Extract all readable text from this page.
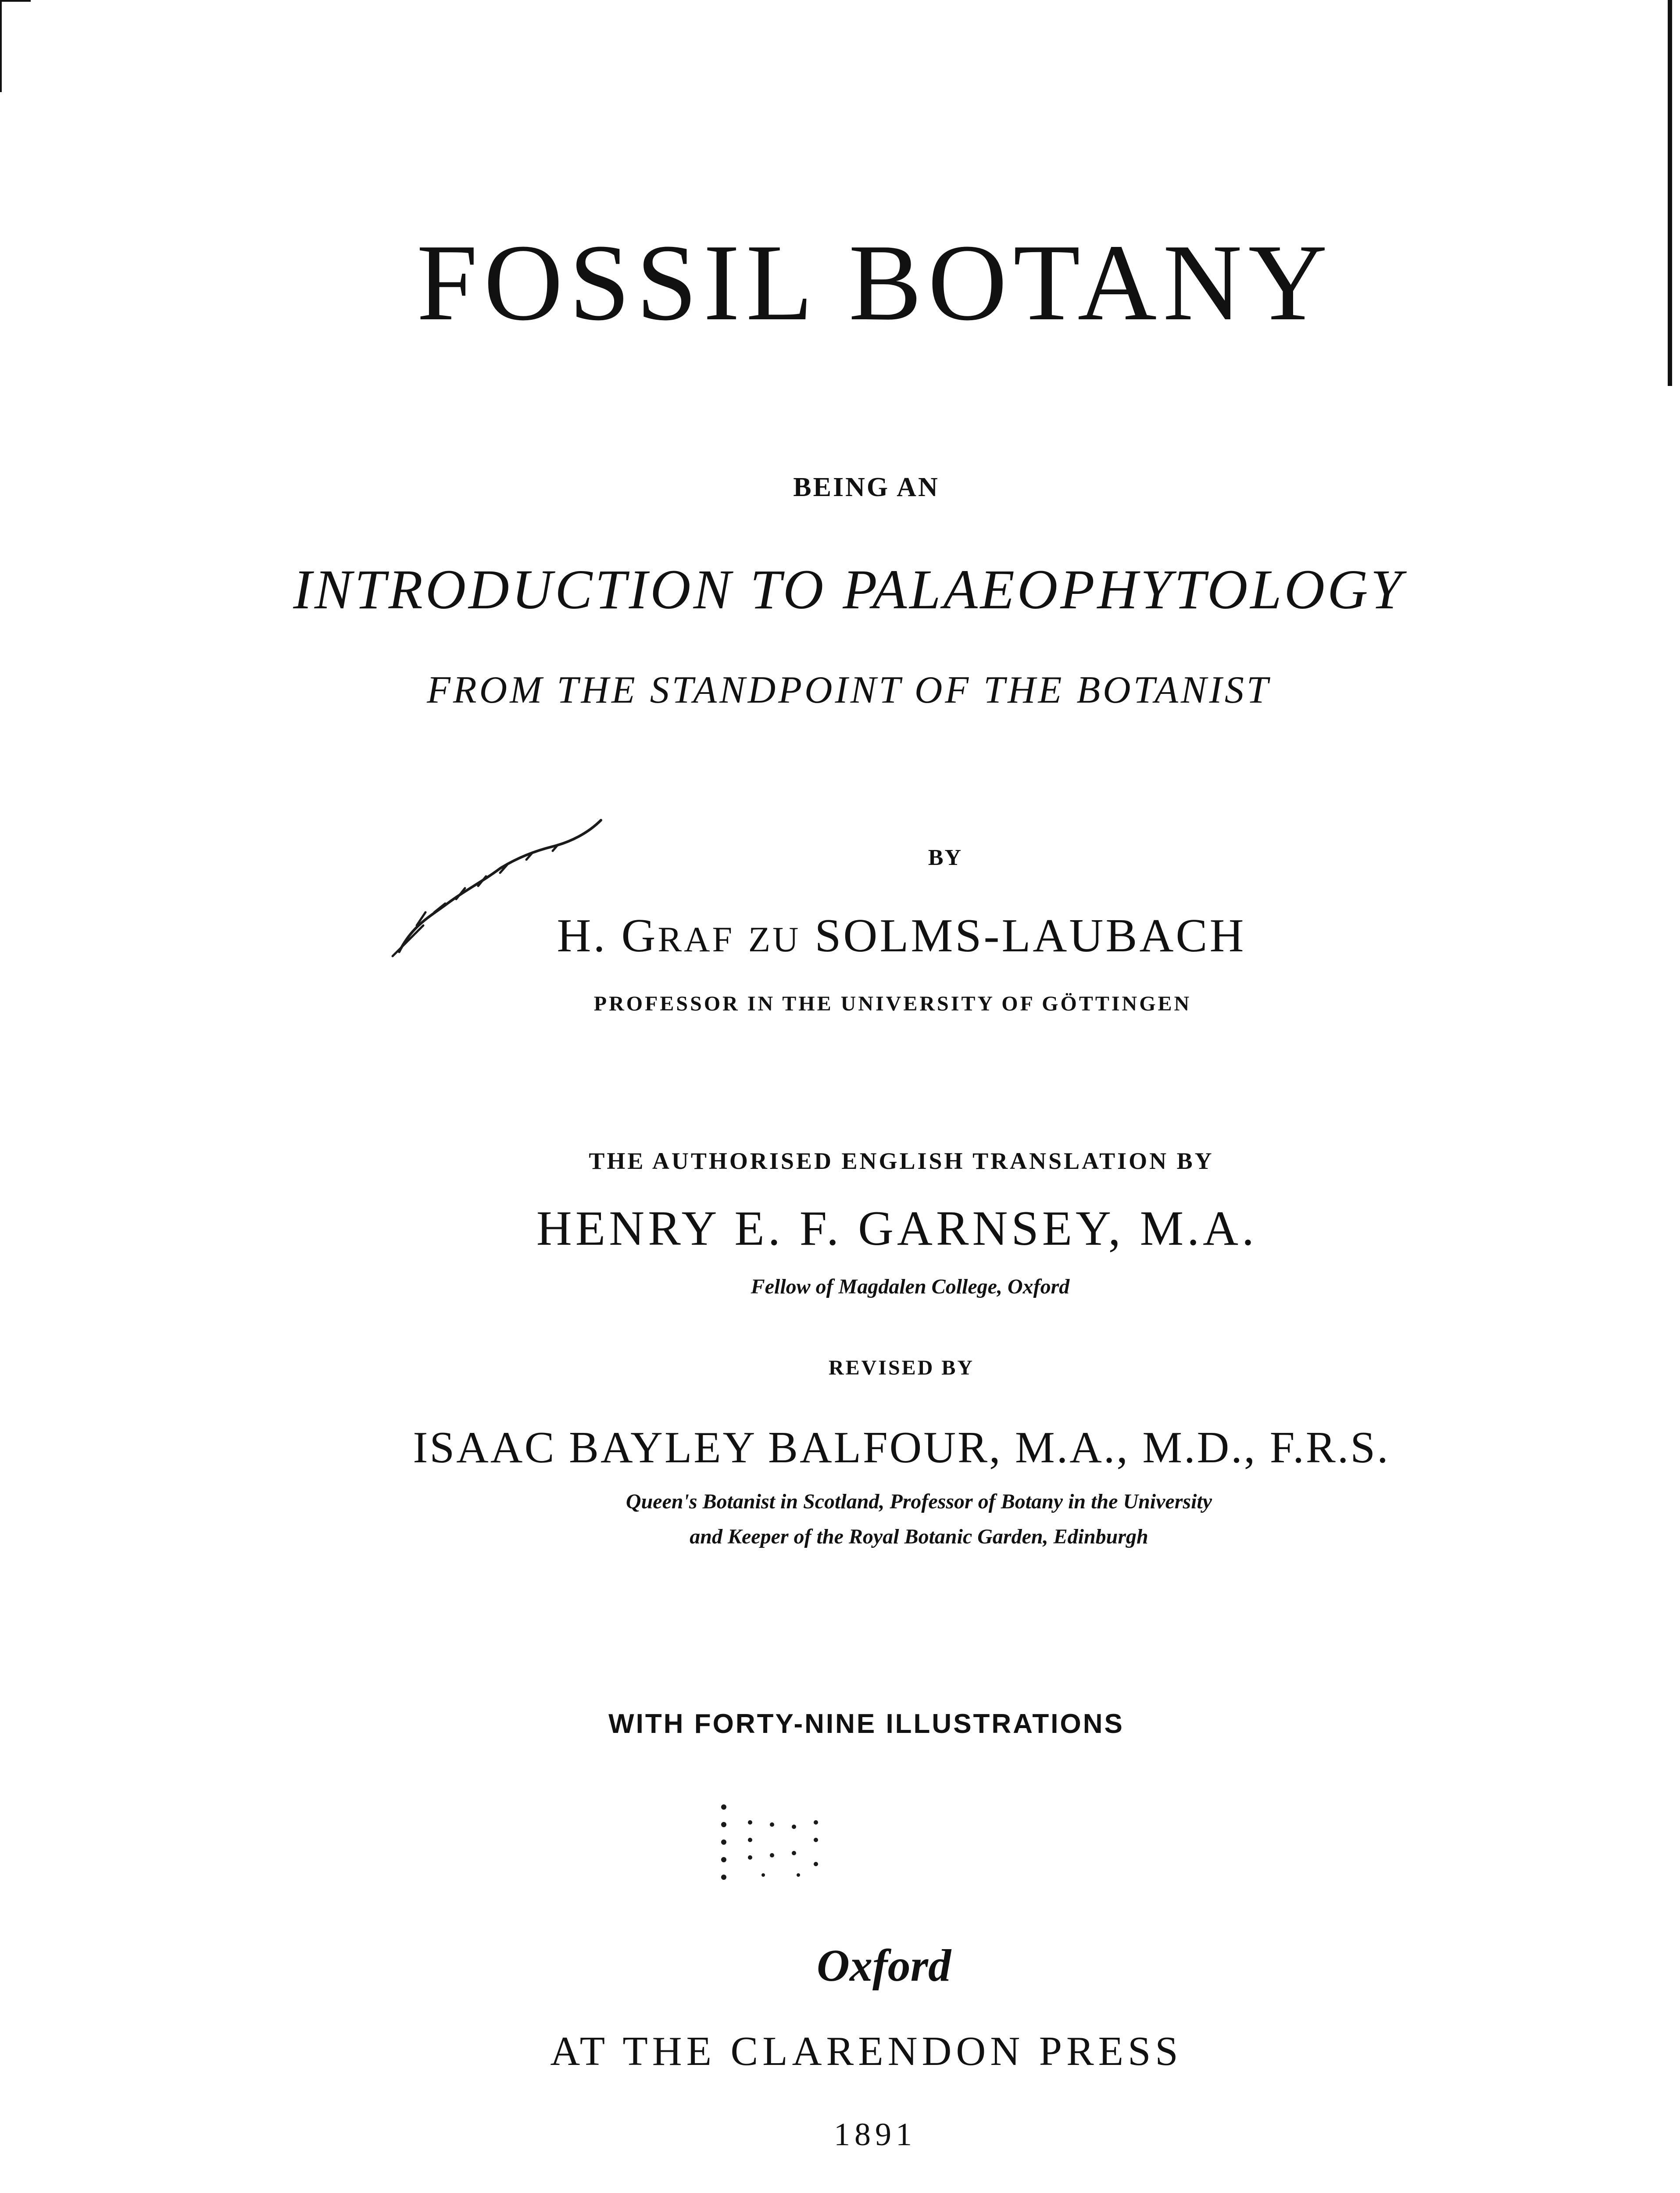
FOSSIL BOTANY
BEING AN
INTRODUCTION TO PALAEOPHYTOLOGY
FROM THE STANDPOINT OF THE BOTANIST
BY
H. GRAF ZU SOLMS-LAUBACH
PROFESSOR IN THE UNIVERSITY OF GÖTTINGEN
THE AUTHORISED ENGLISH TRANSLATION BY
HENRY E. F. GARNSEY, M.A.
Fellow of Magdalen College, Oxford
REVISED BY
ISAAC BAYLEY BALFOUR, M.A., M.D., F.R.S.
Queen's Botanist in Scotland, Professor of Botany in the University
and Keeper of the Royal Botanic Garden, Edinburgh
WITH FORTY-NINE ILLUSTRATIONS
Oxford
AT THE CLARENDON PRESS
1891
